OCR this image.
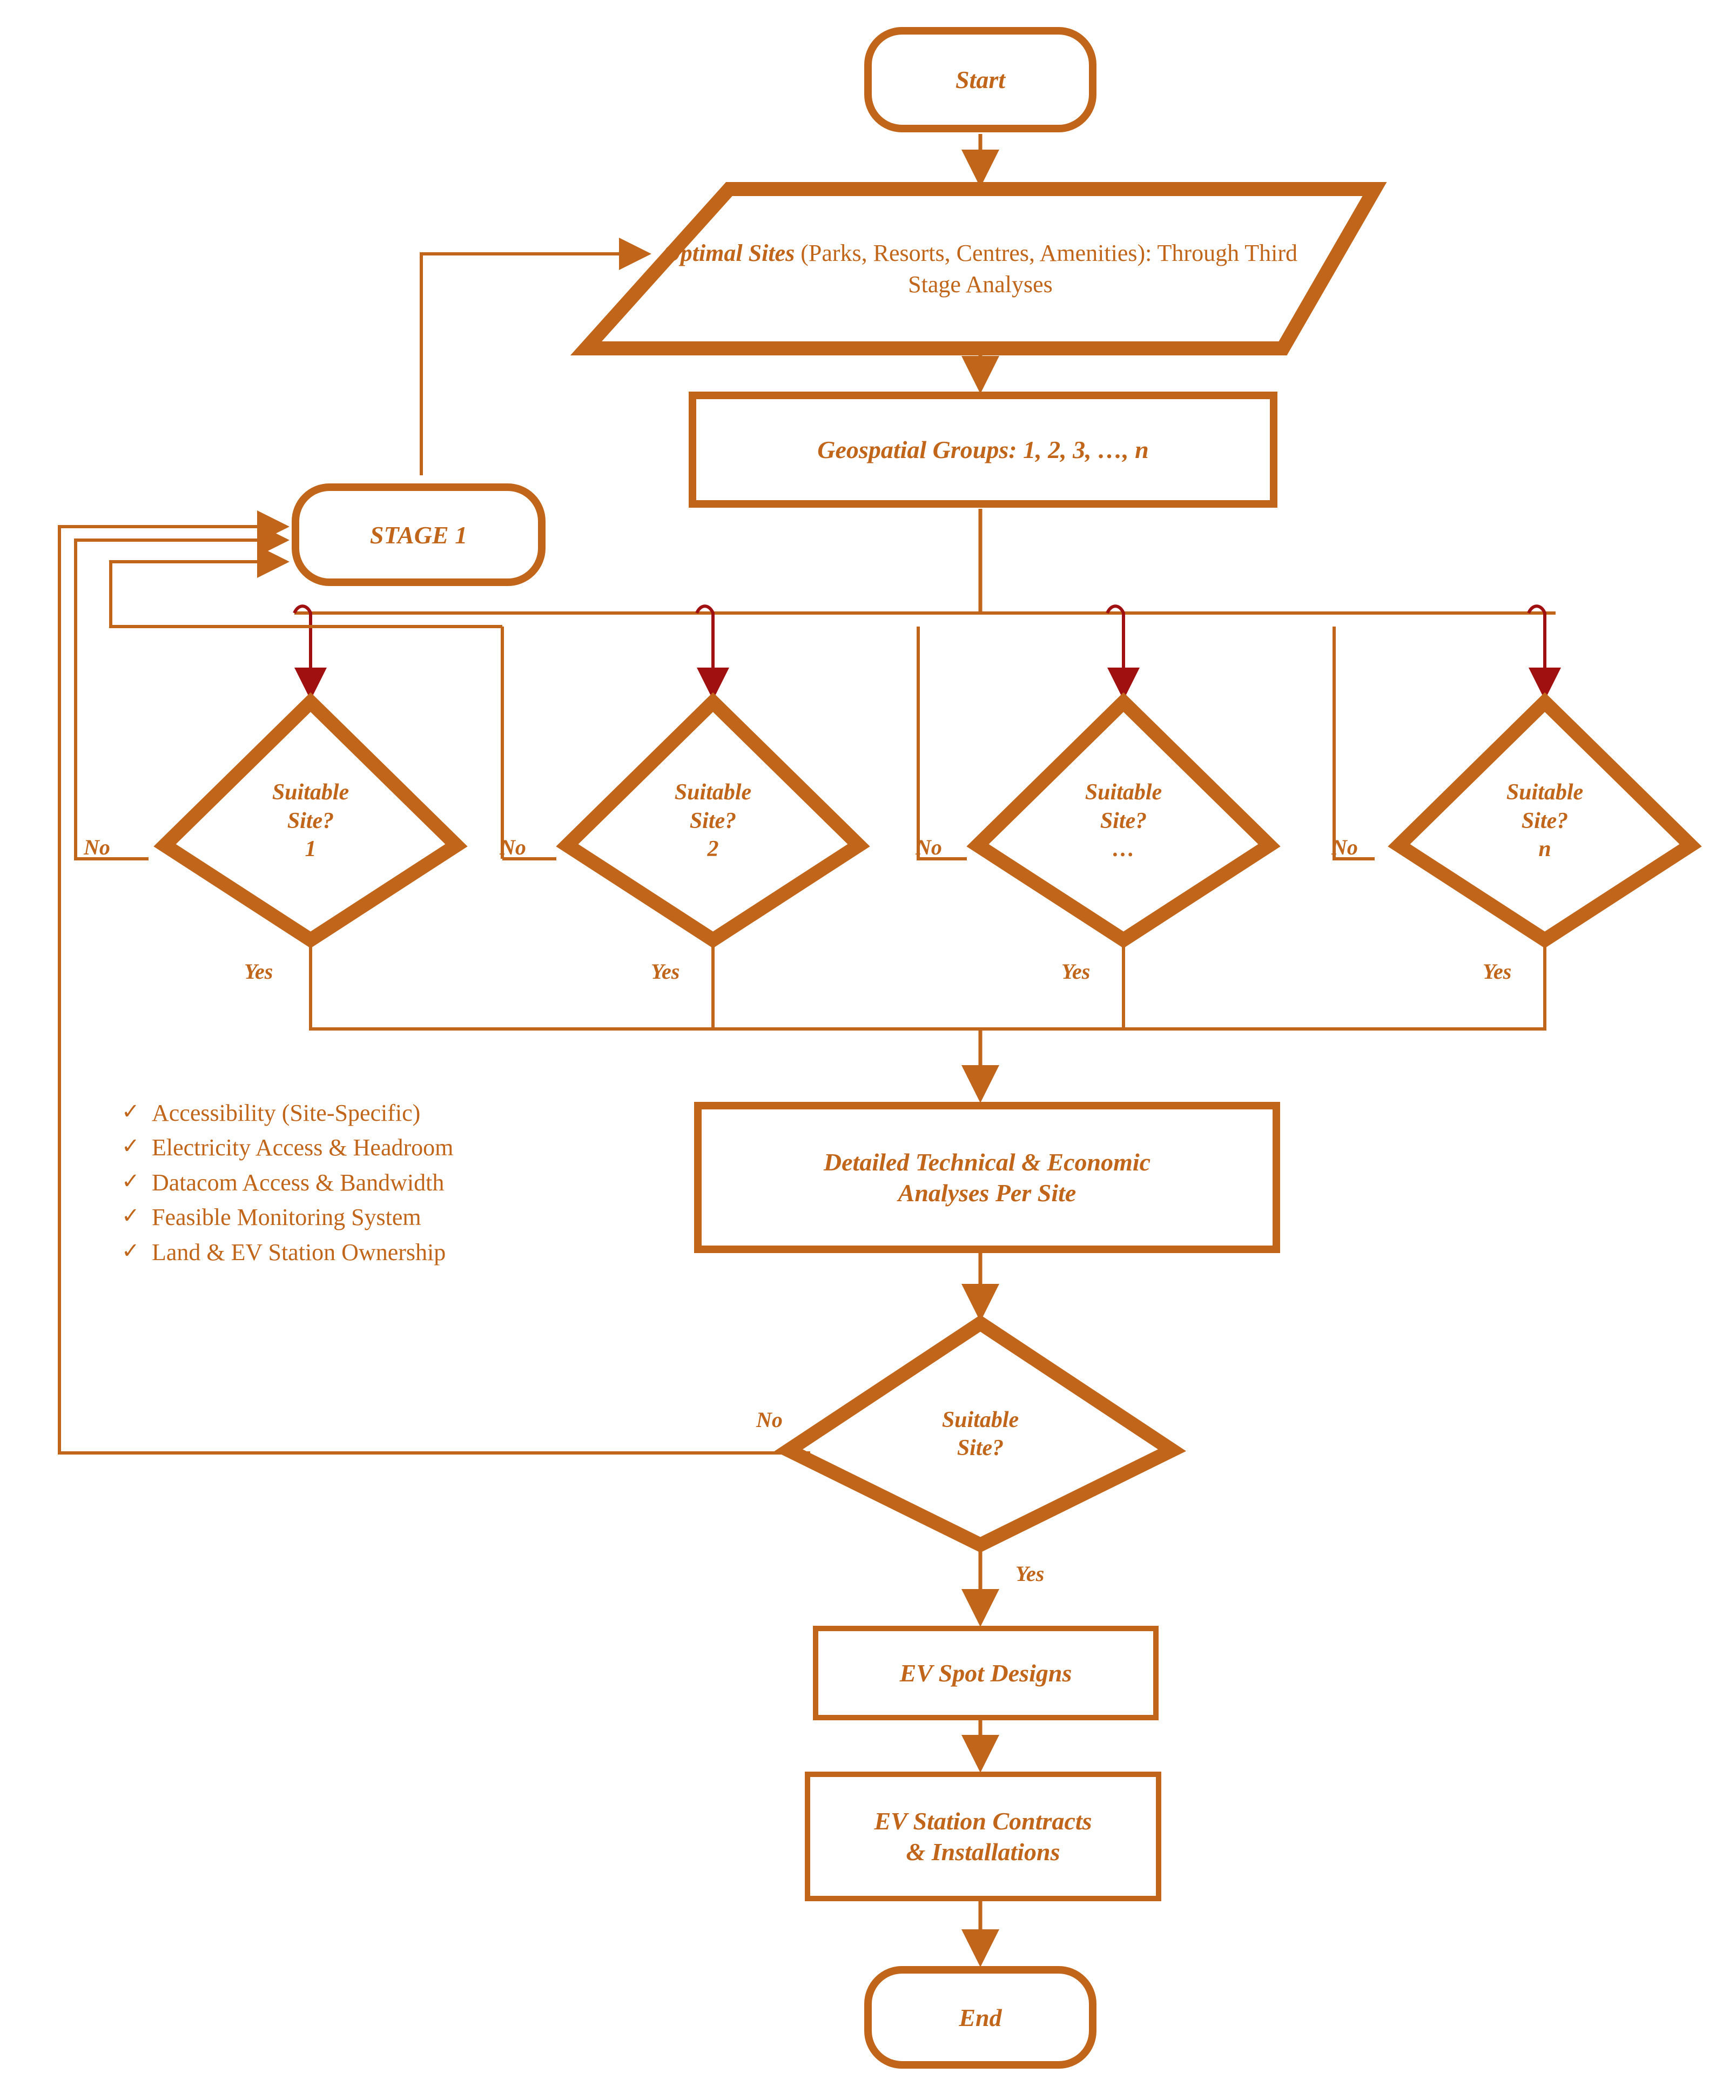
Start
Optimal Sites (Parks, Resorts, Centres, Amenities): Through Third Stage Analyses
Geospatial Groups: 1, 2, 3, …, n
STAGE 1
Suitable
Site?
1
Suitable
Site?
2
Suitable
Site?
…
Suitable
Site?
n
No	No	No	No
Yes	Yes	Yes	Yes
✓ Accessibility (Site-Specific)
✓ Electricity Access & Headroom
✓ Datacom Access & Bandwidth
✓ Feasible Monitoring System
✓ Land & EV Station Ownership
Detailed Technical & Economic
Analyses Per Site
Suitable
Site?
No
Yes
EV Spot Designs
EV Station Contracts
& Installations
End
